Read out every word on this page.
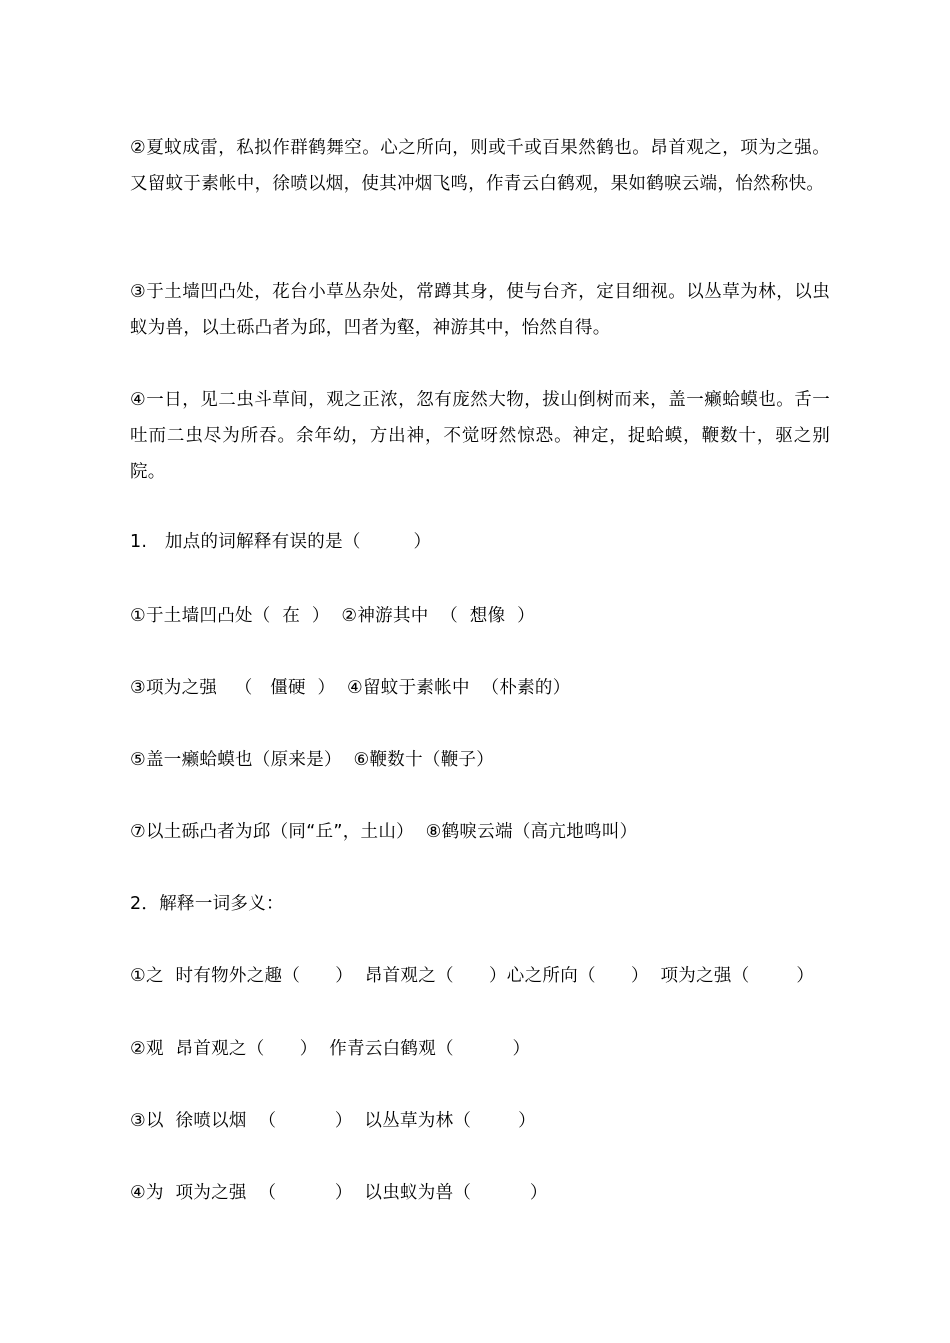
②夏蚊成雷，私拟作群鹤舞空。心之所向，则或千或百果然鹤也。昂首观之，项为之强。又留蚊于素帐中，徐喷以烟，使其冲烟飞鸣，作青云白鹤观，果如鹤唳云端，怡然称快。

③于土墙凹凸处，花台小草丛杂处，常蹲其身，使与台齐，定目细视。以丛草为林，以虫蚁为兽，以土砾凸者为邱，凹者为壑，神游其中，怡然自得。

④一日，见二虫斗草间，观之正浓，忽有庞然大物，拔山倒树而来，盖一癞蛤蟆也。舌一吐而二虫尽为所吞。余年幼，方出神，不觉呀然惊恐。神定，捉蛤蟆，鞭数十，驱之别院。

1.   加点的词解释有误的是（         ）

①于土墙凹凸处（  在  ）  ②神游其中  （  想像  ）

③项为之强   （   僵硬  ）  ④留蚊于素帐中  （朴素的）

⑤盖一癞蛤蟆也（原来是）  ⑥鞭数十（鞭子）

⑦以土砾凸者为邱（同“丘”，土山）  ⑧鹤唳云端（高亢地鸣叫）

2．解释一词多义：

①之  时有物外之趣（      ）  昂首观之（      ）心之所向（      ）  项为之强（        ）

②观  昂首观之（      ）  作青云白鹤观（          ）

③以  徐喷以烟  （          ）  以丛草为林（        ）

④为  项为之强  （          ）  以虫蚁为兽（          ）
